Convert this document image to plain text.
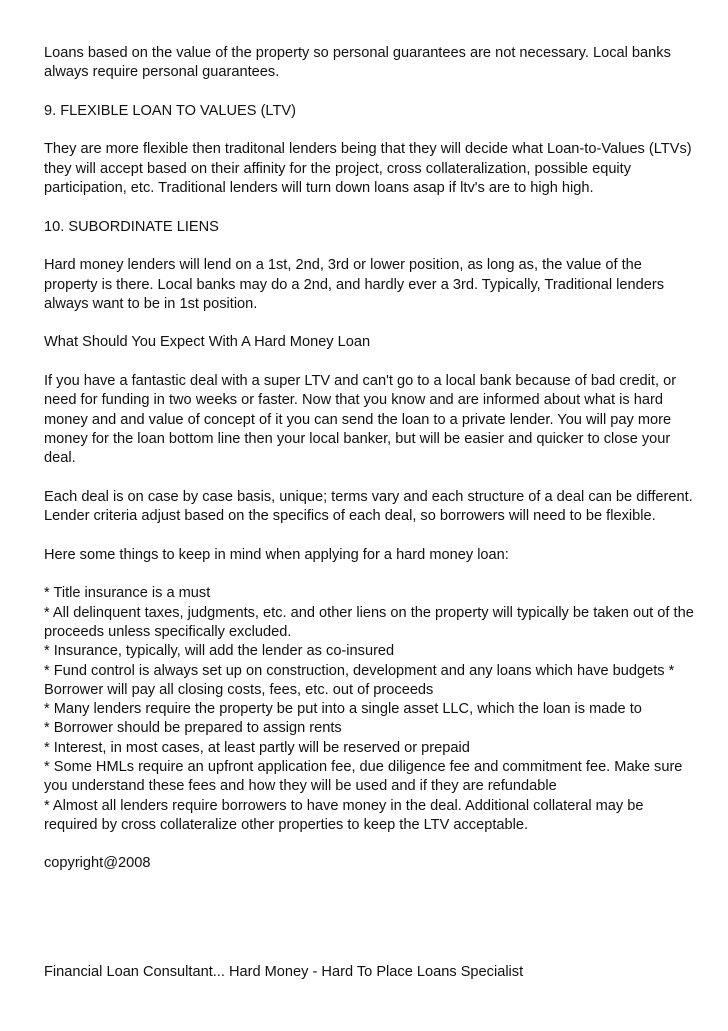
Loans based on the value of the property so personal guarantees are not necessary. Local banks always require personal guarantees.

9. FLEXIBLE LOAN TO VALUES (LTV)

They are more flexible then traditonal lenders being that they will decide what Loan-to-Values (LTVs) they will accept based on their affinity for the project, cross collateralization, possible equity participation, etc. Traditional lenders will turn down loans asap if ltv's are to high high.

10. SUBORDINATE LIENS

Hard money lenders will lend on a 1st, 2nd, 3rd or lower position, as long as, the value of the property is there. Local banks may do a 2nd, and hardly ever a 3rd. Typically, Traditional lenders always want to be in 1st position.

What Should You Expect With A Hard Money Loan

If you have a fantastic deal with a super LTV and can't go to a local bank because of bad credit, or need for funding in two weeks or faster. Now that you know and are informed about what is hard money and and value of concept of it you can send the loan to a private lender. You will pay more money for the loan bottom line then your local banker, but will be easier and quicker to close your deal.

Each deal is on case by case basis, unique; terms vary and each structure of a deal can be different. Lender criteria adjust based on the specifics of each deal, so borrowers will need to be flexible.

Here some things to keep in mind when applying for a hard money loan:

* Title insurance is a must

* All delinquent taxes, judgments, etc. and other liens on the property will typically be taken out of the proceeds unless specifically excluded.

* Insurance, typically, will add the lender as co-insured

* Fund control is always set up on construction, development and any loans which have budgets * Borrower will pay all closing costs, fees, etc. out of proceeds

* Many lenders require the property be put into a single asset LLC, which the loan is made to

* Borrower should be prepared to assign rents

* Interest, in most cases, at least partly will be reserved or prepaid

* Some HMLs require an upfront application fee, due diligence fee and commitment fee. Make sure you understand these fees and how they will be used and if they are refundable

* Almost all lenders require borrowers to have money in the deal. Additional collateral may be required by cross collateralize other properties to keep the LTV acceptable.

copyright@2008

Financial Loan Consultant... Hard Money - Hard To Place Loans Specialist
